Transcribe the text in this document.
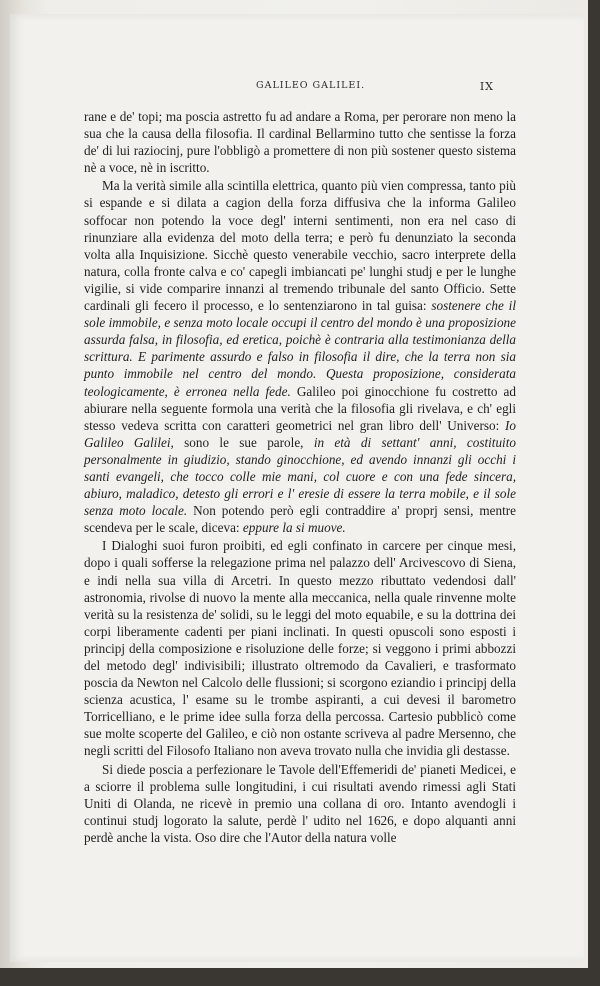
GALILEO GALILEI.	IX

rane e de' topi; ma poscia astretto fu ad andare a Roma, per perorare non meno la sua che la causa della filosofia. Il cardinal Bellarmino tutto che sentisse la forza de' di lui raziocinj, pure l'obbligò a promettere di non più sostener questo sistema nè a voce, nè in iscritto.

Ma la verità simile alla scintilla elettrica, quanto più vien compressa, tanto più si espande e si dilata a cagion della forza diffusiva che la informa Galileo soffocar non potendo la voce degl' interni sentimenti, non era nel caso di rinunziare alla evidenza del moto della terra; e però fu denunziato la seconda volta alla Inquisizione. Sicchè questo venerabile vecchio, sacro interprete della natura, colla fronte calva e co' capegli imbiancati pe' lunghi studj e per le lunghe vigilie, si vide comparire innanzi al tremendo tribunale del santo Officio. Sette cardinali gli fecero il processo, e lo sentenziarono in tal guisa: sostenere che il sole immobile, e senza moto locale occupi il centro del mondo è una proposizione assurda falsa, in filosofia, ed eretica, poichè è contraria alla testimonianza della scrittura. E parimente assurdo e falso in filosofia il dire, che la terra non sia punto immobile nel centro del mondo. Questa proposizione, considerata teologicamente, è erronea nella fede. Galileo poi ginocchione fu costretto ad abiurare nella seguente formola una verità che la filosofia gli rivelava, e ch' egli stesso vedeva scritta con caratteri geometrici nel gran libro dell' Universo: Io Galileo Galilei, sono le sue parole, in età di settant' anni, costituito personalmente in giudizio, stando ginocchione, ed avendo innanzi gli occhi i santi evangeli, che tocco colle mie mani, col cuore e con una fede sincera, abiuro, maladico, detesto gli errori e l' eresie di essere la terra mobile, e il sole senza moto locale. Non potendo però egli contraddire a' proprj sensi, mentre scendeva per le scale, diceva: eppure la si muove.

I Dialoghi suoi furon proibiti, ed egli confinato in carcere per cinque mesi, dopo i quali sofferse la relegazione prima nel palazzo dell' Arcivescovo di Siena, e indi nella sua villa di Arcetri. In questo mezzo ributtato vedendosi dall' astronomia, rivolse di nuovo la mente alla meccanica, nella quale rinvenne molte verità su la resistenza de' solidi, su le leggi del moto equabile, e su la dottrina dei corpi liberamente cadenti per piani inclinati. In questi opuscoli sono esposti i principj della composizione e risoluzione delle forze; si veggono i primi abbozzi del metodo degl' indivisibili; illustrato oltremodo da Cavalieri, e trasformato poscia da Newton nel Calcolo delle flussioni; si scorgono eziandio i principj della scienza acustica, l' esame su le trombe aspiranti, a cui devesi il barometro Torricelliano, e le prime idee sulla forza della percossa. Cartesio pubblicò come sue molte scoperte del Galileo, e ciò non ostante scriveva al padre Mersenno, che negli scritti del Filosofo Italiano non aveva trovato nulla che invidia gli destasse.

Si diede poscia a perfezionare le Tavole dell'Effemeridi de' pianeti Medicei, e a sciorre il problema sulle longitudini, i cui risultati avendo rimessi agli Stati Uniti di Olanda, ne ricevè in premio una collana di oro. Intanto avendogli i continui studj logorato la salute, perdè l' udito nel 1626, e dopo alquanti anni perdè anche la vista. Oso dire che l'Autor della natura volle
